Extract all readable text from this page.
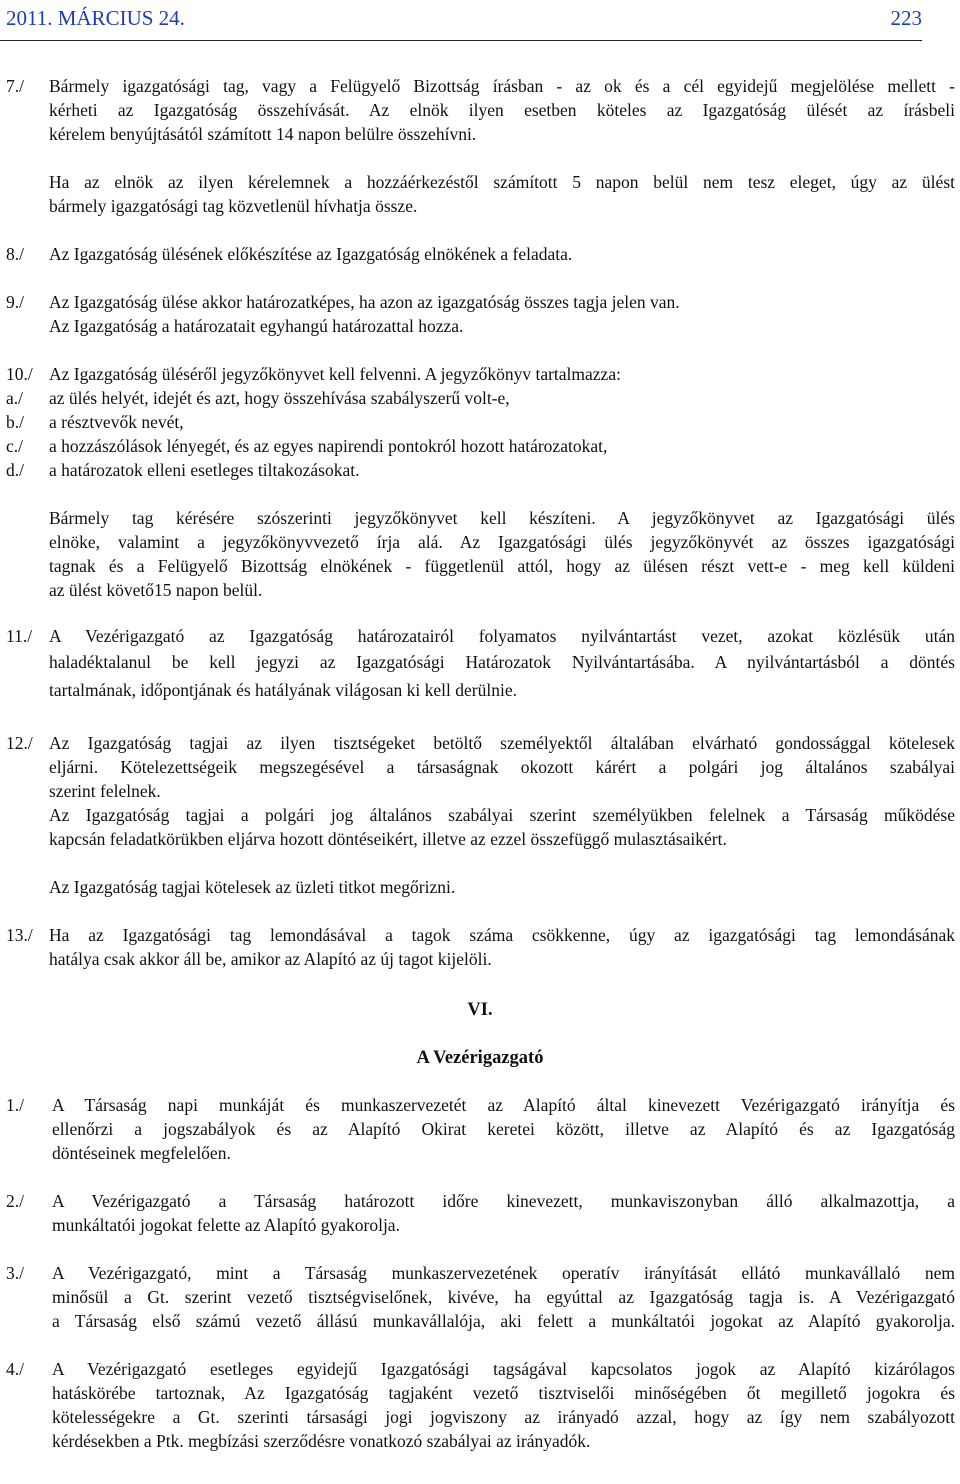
2011. MÁRCIUS 24.	223
7./ Bármely igazgatósági tag, vagy a Felügyelő Bizottság írásban - az ok és a cél egyidejű megjelölése mellett -
kérheti az Igazgatóság összehívását. Az elnök ilyen esetben köteles az Igazgatóság ülését az írásbeli
kérelem benyújtásától számított 14 napon belülre összehívni.
Ha az elnök az ilyen kérelemnek a hozzáérkezéstől számított 5 napon belül nem tesz eleget, úgy az ülést
bármely igazgatósági tag közvetlenül hívhatja össze.
8./ Az Igazgatóság ülésének előkészítése az Igazgatóság elnökének a feladata.
9./ Az Igazgatóság ülése akkor határozatképes, ha azon az igazgatóság összes tagja jelen van.
Az Igazgatóság a határozatait egyhangú határozattal hozza.
10./ Az Igazgatóság üléséről jegyzőkönyvet kell felvenni. A jegyzőkönyv tartalmazza:
a./ az ülés helyét, idejét és azt, hogy összehívása szabályszerű volt-e,
b./ a résztvevők nevét,
c./ a hozzászólások lényegét, és az egyes napirendi pontokról hozott határozatokat,
d./ a határozatok elleni esetleges tiltakozásokat.
Bármely tag kérésére szószerinti jegyzőkönyvet kell készíteni. A jegyzőkönyvet az Igazgatósági ülés
elnöke, valamint a jegyzőkönyvvezető írja alá. Az Igazgatósági ülés jegyzőkönyvét az összes igazgatósági
tagnak és a Felügyelő Bizottság elnökének - függetlenül attól, hogy az ülésen részt vett-e - meg kell küldeni
az ülést követő15 napon belül.
11./ A Vezérigazgató az Igazgatóság határozatairól folyamatos nyilvántartást vezet, azokat közlésük után
haladéktalanul be kell jegyzi az Igazgatósági Határozatok Nyilvántartásába. A nyilvántartásból a döntés
tartalmának, időpontjának és hatályának világosan ki kell derülnie.
12./ Az Igazgatóság tagjai az ilyen tisztségeket betöltő személyektől általában elvárható gondossággal kötelesek
eljárni. Kötelezettségeik megszegésével a társaságnak okozott kárért a polgári jog általános szabályai
szerint felelnek.
Az Igazgatóság tagjai a polgári jog általános szabályai szerint személyükben felelnek a Társaság működése
kapcsán feladatkörükben eljárva hozott döntéseikért, illetve az ezzel összefüggő mulasztásaikért.
Az Igazgatóság tagjai kötelesek az üzleti titkot megőrizni.
13./ Ha az Igazgatósági tag lemondásával a tagok száma csökkenne, úgy az igazgatósági tag lemondásának
hatálya csak akkor áll be, amikor az Alapító az új tagot kijelöli.
VI.
A Vezérigazgató
1./ A Társaság napi munkáját és munkaszervezetét az Alapító által kinevezett Vezérigazgató irányítja és
ellenőrzi a jogszabályok és az Alapító Okirat keretei között, illetve az Alapító és az Igazgatóság
döntéseinek megfelelően.
2./ A Vezérigazgató a Társaság határozott időre kinevezett, munkaviszonyban álló alkalmazottja, a
munkáltatói jogokat felette az Alapító gyakorolja.
3./ A Vezérigazgató, mint a Társaság munkaszervezetének operatív irányítását ellátó munkavállaló nem
minősül a Gt. szerint vezető tisztségviselőnek, kivéve, ha egyúttal az Igazgatóság tagja is. A Vezérigazgató
a Társaság első számú vezető állású munkavállalója, aki felett a munkáltatói jogokat az Alapító gyakorolja.
4./ A Vezérigazgató esetleges egyidejű Igazgatósági tagságával kapcsolatos jogok az Alapító kizárólagos
hatáskörébe tartoznak, Az Igazgatóság tagjaként vezető tisztviselői minőségében őt megillető jogokra és
kötelességekre a Gt. szerinti társasági jogi jogviszony az irányadó azzal, hogy az így nem szabályozott
kérdésekben a Ptk. megbízási szerződésre vonatkozó szabályai az irányadók.
